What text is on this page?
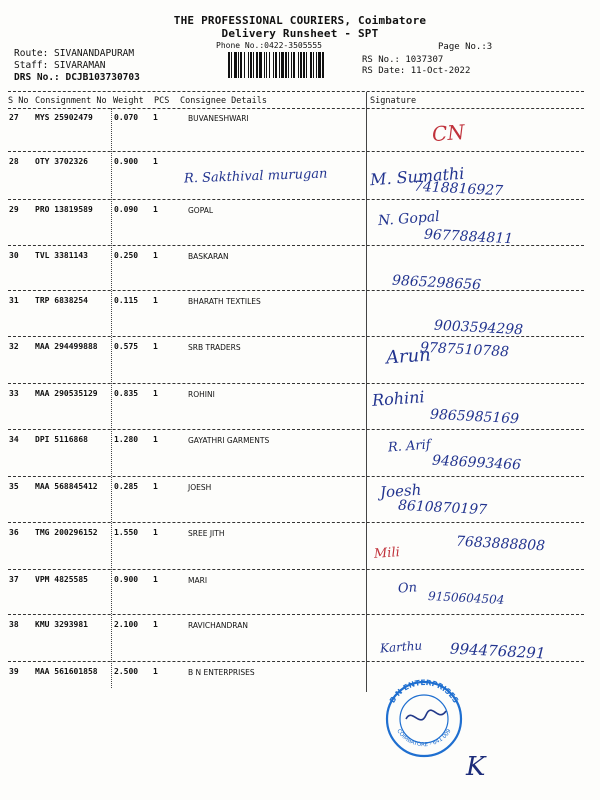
THE PROFESSIONAL COURIERS, Coimbatore
Delivery Runsheet - SPT
Phone No.:0422-3505555	Page No.:3
RS No.: 1037307
RS Date: 11-Oct-2022
Route: SIVANANDAPURAM
Staff: SIVARAMAN
DRS No.: DCJB103730703
S No Consignment No Weight PCS Consignee Details	Signature
27 MYS 25902479	0.070 1	BUVANESHWARI
CN
28 OTY 3702326	0.900 1
R. Sakthival murugan	M. Sumathi
7418816927
29 PRO 13819589	0.090 1	GOPAL	N. Gopal
9677884811
30 TVL 3381143	0.250 1	BASKARAN
9865298656
31 TRP 6838254	0.115 1	BHARATH TEXTILES
9003594298
32 MAA 294499888 0.575 1	SRB TRADERS	Arun
9787510788
33 MAA 290535129 0.835 1	ROHINI	Rohini
9865985169
34 DPI 5116868	1.280 1	GAYATHRI GARMENTS	R. Arif
9486993466
35 MAA 568845412 0.285 1	JOESH	Joesh
8610870197
36 TMG 200296152 1.550 1	SREE JITH
Mili	7683888808
37 VPM 4825585	0.900 1	MARI	On
9150604504
38 KMU 3293981	2.100 1	RAVICHANDRAN
Karthu 9944768291
39 MAA 561601858 2.500 1	B N ENTERPRISES
B N ENTERPRISES
COIMBATORE - 641 009
K
